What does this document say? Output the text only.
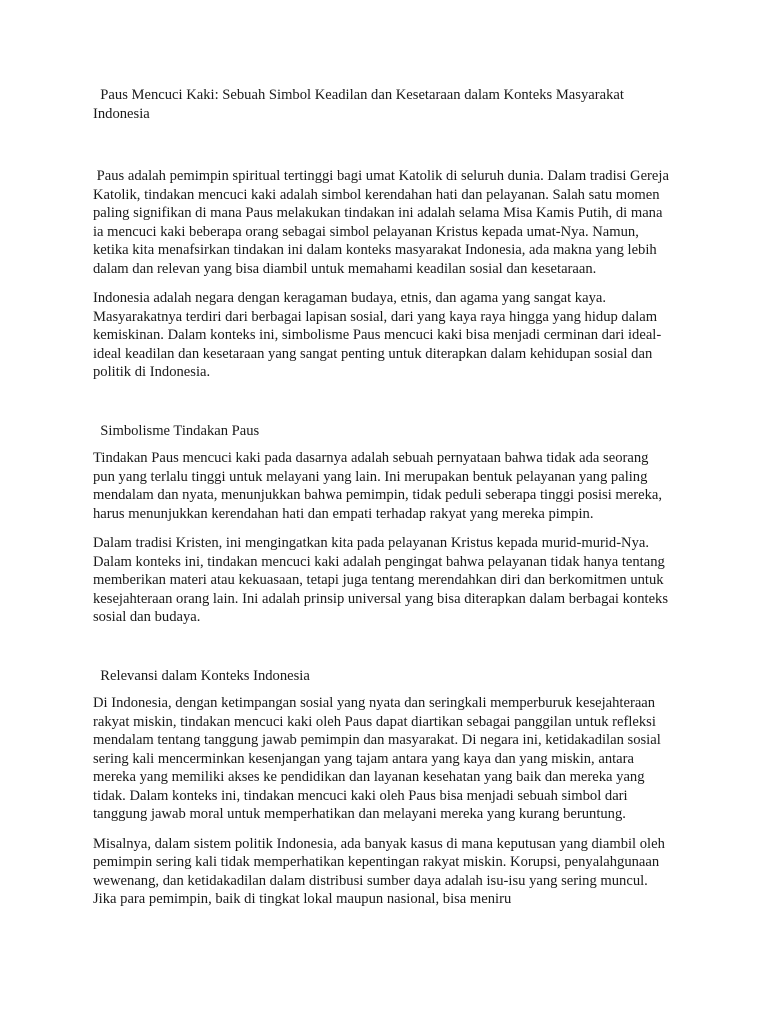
Paus Mencuci Kaki: Sebuah Simbol Keadilan dan Kesetaraan dalam Konteks Masyarakat Indonesia

Paus adalah pemimpin spiritual tertinggi bagi umat Katolik di seluruh dunia. Dalam tradisi Gereja Katolik, tindakan mencuci kaki adalah simbol kerendahan hati dan pelayanan. Salah satu momen paling signifikan di mana Paus melakukan tindakan ini adalah selama Misa Kamis Putih, di mana ia mencuci kaki beberapa orang sebagai simbol pelayanan Kristus kepada umat-Nya. Namun, ketika kita menafsirkan tindakan ini dalam konteks masyarakat Indonesia, ada makna yang lebih dalam dan relevan yang bisa diambil untuk memahami keadilan sosial dan kesetaraan.

Indonesia adalah negara dengan keragaman budaya, etnis, dan agama yang sangat kaya. Masyarakatnya terdiri dari berbagai lapisan sosial, dari yang kaya raya hingga yang hidup dalam kemiskinan. Dalam konteks ini, simbolisme Paus mencuci kaki bisa menjadi cerminan dari ideal-ideal keadilan dan kesetaraan yang sangat penting untuk diterapkan dalam kehidupan sosial dan politik di Indonesia.

Simbolisme Tindakan Paus

Tindakan Paus mencuci kaki pada dasarnya adalah sebuah pernyataan bahwa tidak ada seorang pun yang terlalu tinggi untuk melayani yang lain. Ini merupakan bentuk pelayanan yang paling mendalam dan nyata, menunjukkan bahwa pemimpin, tidak peduli seberapa tinggi posisi mereka, harus menunjukkan kerendahan hati dan empati terhadap rakyat yang mereka pimpin.

Dalam tradisi Kristen, ini mengingatkan kita pada pelayanan Kristus kepada murid-murid-Nya. Dalam konteks ini, tindakan mencuci kaki adalah pengingat bahwa pelayanan tidak hanya tentang memberikan materi atau kekuasaan, tetapi juga tentang merendahkan diri dan berkomitmen untuk kesejahteraan orang lain. Ini adalah prinsip universal yang bisa diterapkan dalam berbagai konteks sosial dan budaya.

Relevansi dalam Konteks Indonesia

Di Indonesia, dengan ketimpangan sosial yang nyata dan seringkali memperburuk kesejahteraan rakyat miskin, tindakan mencuci kaki oleh Paus dapat diartikan sebagai panggilan untuk refleksi mendalam tentang tanggung jawab pemimpin dan masyarakat. Di negara ini, ketidakadilan sosial sering kali mencerminkan kesenjangan yang tajam antara yang kaya dan yang miskin, antara mereka yang memiliki akses ke pendidikan dan layanan kesehatan yang baik dan mereka yang tidak. Dalam konteks ini, tindakan mencuci kaki oleh Paus bisa menjadi sebuah simbol dari tanggung jawab moral untuk memperhatikan dan melayani mereka yang kurang beruntung.

Misalnya, dalam sistem politik Indonesia, ada banyak kasus di mana keputusan yang diambil oleh pemimpin sering kali tidak memperhatikan kepentingan rakyat miskin. Korupsi, penyalahgunaan wewenang, dan ketidakadilan dalam distribusi sumber daya adalah isu-isu yang sering muncul. Jika para pemimpin, baik di tingkat lokal maupun nasional, bisa meniru
